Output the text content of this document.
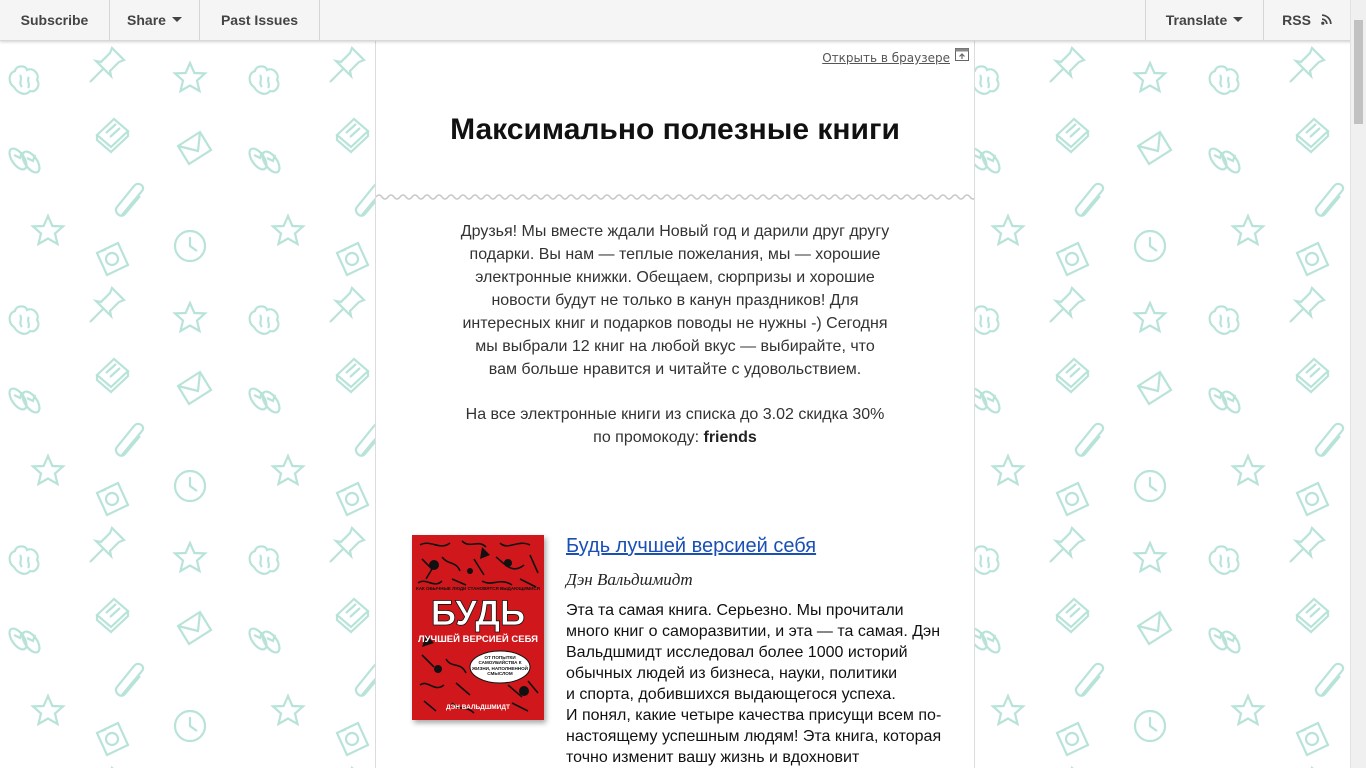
Открыть в браузере
Максимально полезные книги

Друзья! Мы вместе ждали Новый год и дарили друг другу
подарки. Вы нам — теплые пожелания, мы — хорошие
электронные книжки. Обещаем, сюрпризы и хорошие
новости будут не только в канун праздников! Для
интересных книг и подарков поводы не нужны -) Сегодня
мы выбрали 12 книг на любой вкус — выбирайте, что
вам больше нравится и читайте с удовольствием.

На все электронные книги из списка до 3.02 скидка 30%
по промокоду: friends

КАК ОБЫЧНЫЕ ЛЮДИ СТАНОВЯТСЯ ВЫДАЮЩИМИСЯ
БУДЬ
ЛУЧШЕЙ ВЕРСИЕЙ СЕБЯ
ОТ ПОПЫТКИ САМОУБИЙСТВА К ЖИЗНИ, НАПОЛНЕННОЙ СМЫСЛОМ
ДЭН ВАЛЬДШМИДТ
Будь лучшей версией себя
Дэн Вальдшмидт
Эта та самая книга. Серьезно. Мы прочитали
много книг о саморазвитии, и эта — та самая. Дэн
Вальдшмидт исследовал более 1000 историй
обычных людей из бизнеса, науки, политики
и спорта, добившихся выдающегося успеха.
И понял, какие четыре качества присущи всем по-
настоящему успешным людям! Эта книга, которая
точно изменит вашу жизнь и вдохновит
Subscribe	Share	Past Issues	Translate	RSS
